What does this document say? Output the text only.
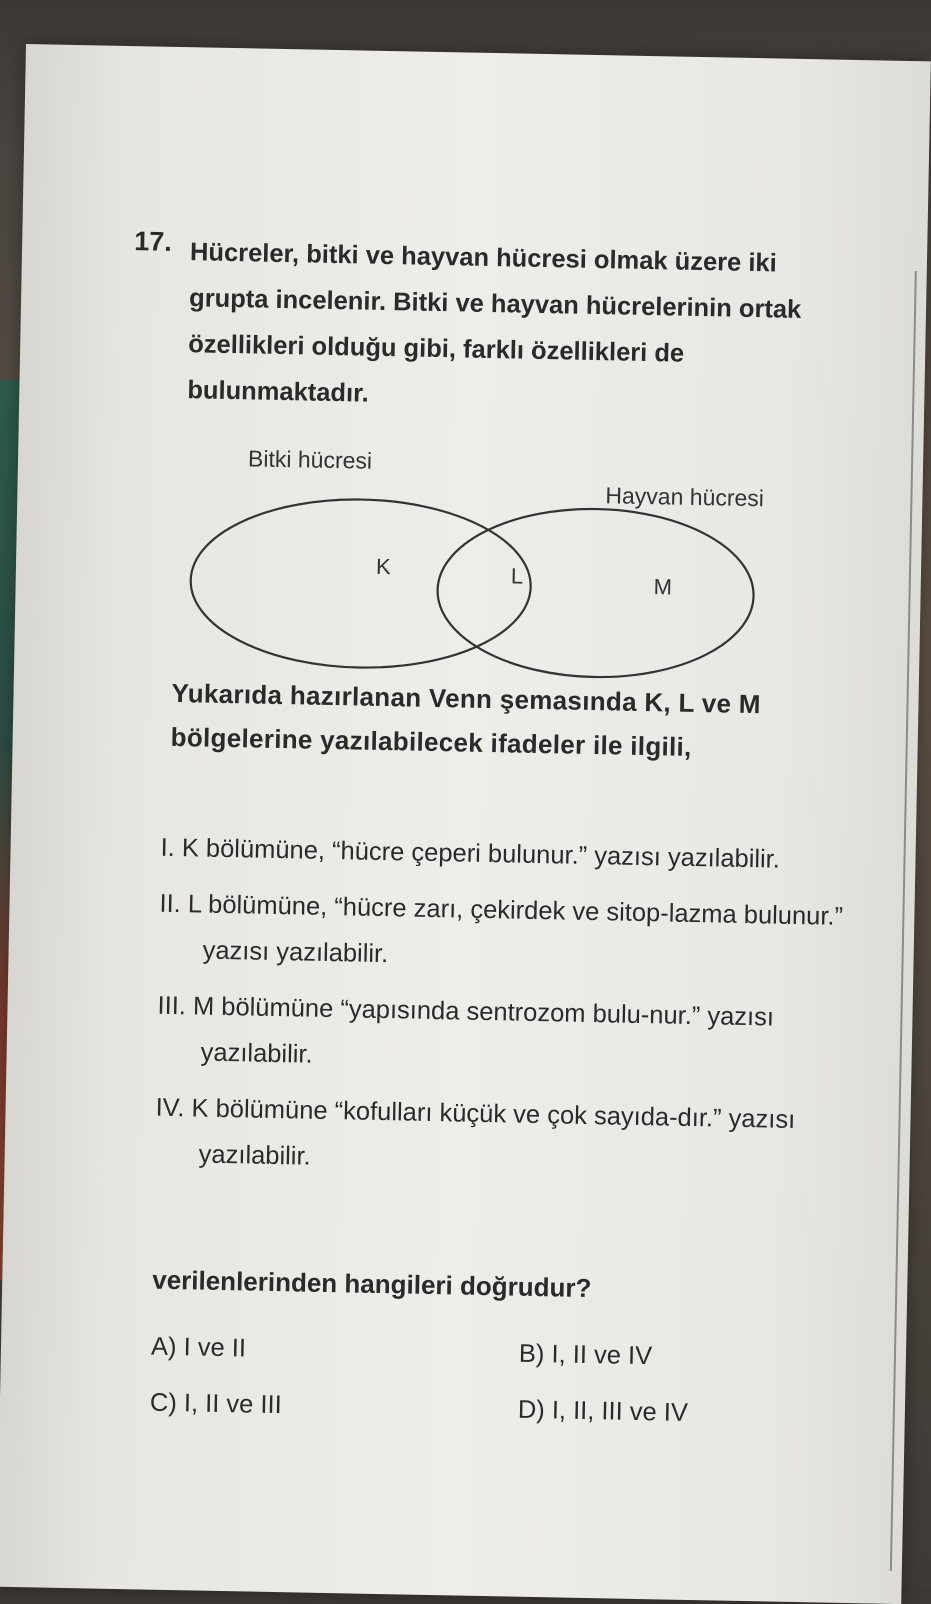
17. Hücreler, bitki ve hayvan hücresi olmak üzere iki grupta incelenir. Bitki ve hayvan hücrelerinin ortak özellikleri olduğu gibi, farklı özellikleri de bulunmaktadır.

Bitki hücresi
Hayvan hücresi
K	L	M

Yukarıda hazırlanan Venn şemasında K, L ve M bölgelerine yazılabilecek ifadeler ile ilgili,

I. K bölümüne, “hücre çeperi bulunur.” yazısı yazılabilir.
II. L bölümüne, “hücre zarı, çekirdek ve sitop-lazma bulunur.” yazısı yazılabilir.
III. M bölümüne “yapısında sentrozom bulu-nur.” yazısı yazılabilir.
IV. K bölümüne “kofulları küçük ve çok sayıda-dır.” yazısı yazılabilir.

verilenlerinden hangileri doğrudur?

A) I ve II	B) I, II ve IV
C) I, II ve III	D) I, II, III ve IV
